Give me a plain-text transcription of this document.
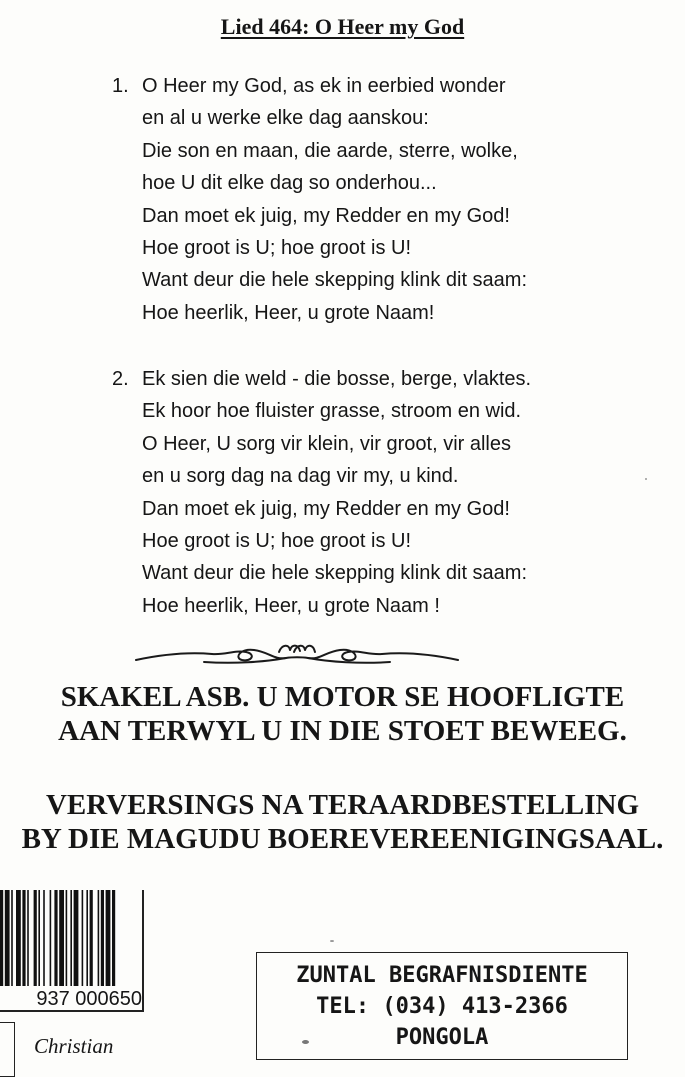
Lied 464: O Heer my God
1. O Heer my God, as ek in eerbied wonder
en al u werke elke dag aanskou:
Die son en maan, die aarde, sterre, wolke,
hoe U dit elke dag so onderhou...
Dan moet ek juig, my Redder en my God!
Hoe groot is U; hoe groot is U!
Want deur die hele skepping klink dit saam:
Hoe heerlik, Heer, u grote Naam!
2. Ek sien die weld - die bosse, berge, vlaktes.
Ek hoor hoe fluister grasse, stroom en wid.
O Heer, U sorg vir klein, vir groot, vir alles
en u sorg dag na dag vir my, u kind.
Dan moet ek juig, my Redder en my God!
Hoe groot is U; hoe groot is U!
Want deur die hele skepping klink dit saam:
Hoe heerlik, Heer, u grote Naam !
SKAKEL ASB. U MOTOR SE HOOFLIGTE
AAN TERWYL U IN DIE STOET BEWEEG.
VERVERSINGS NA TERAARDBESTELLING
BY DIE MAGUDU BOEREVEREENIGINGSAAL.
937 000650
Christian
ZUNTAL BEGRAFNISDIENTE
TEL: (034) 413-2366
PONGOLA
